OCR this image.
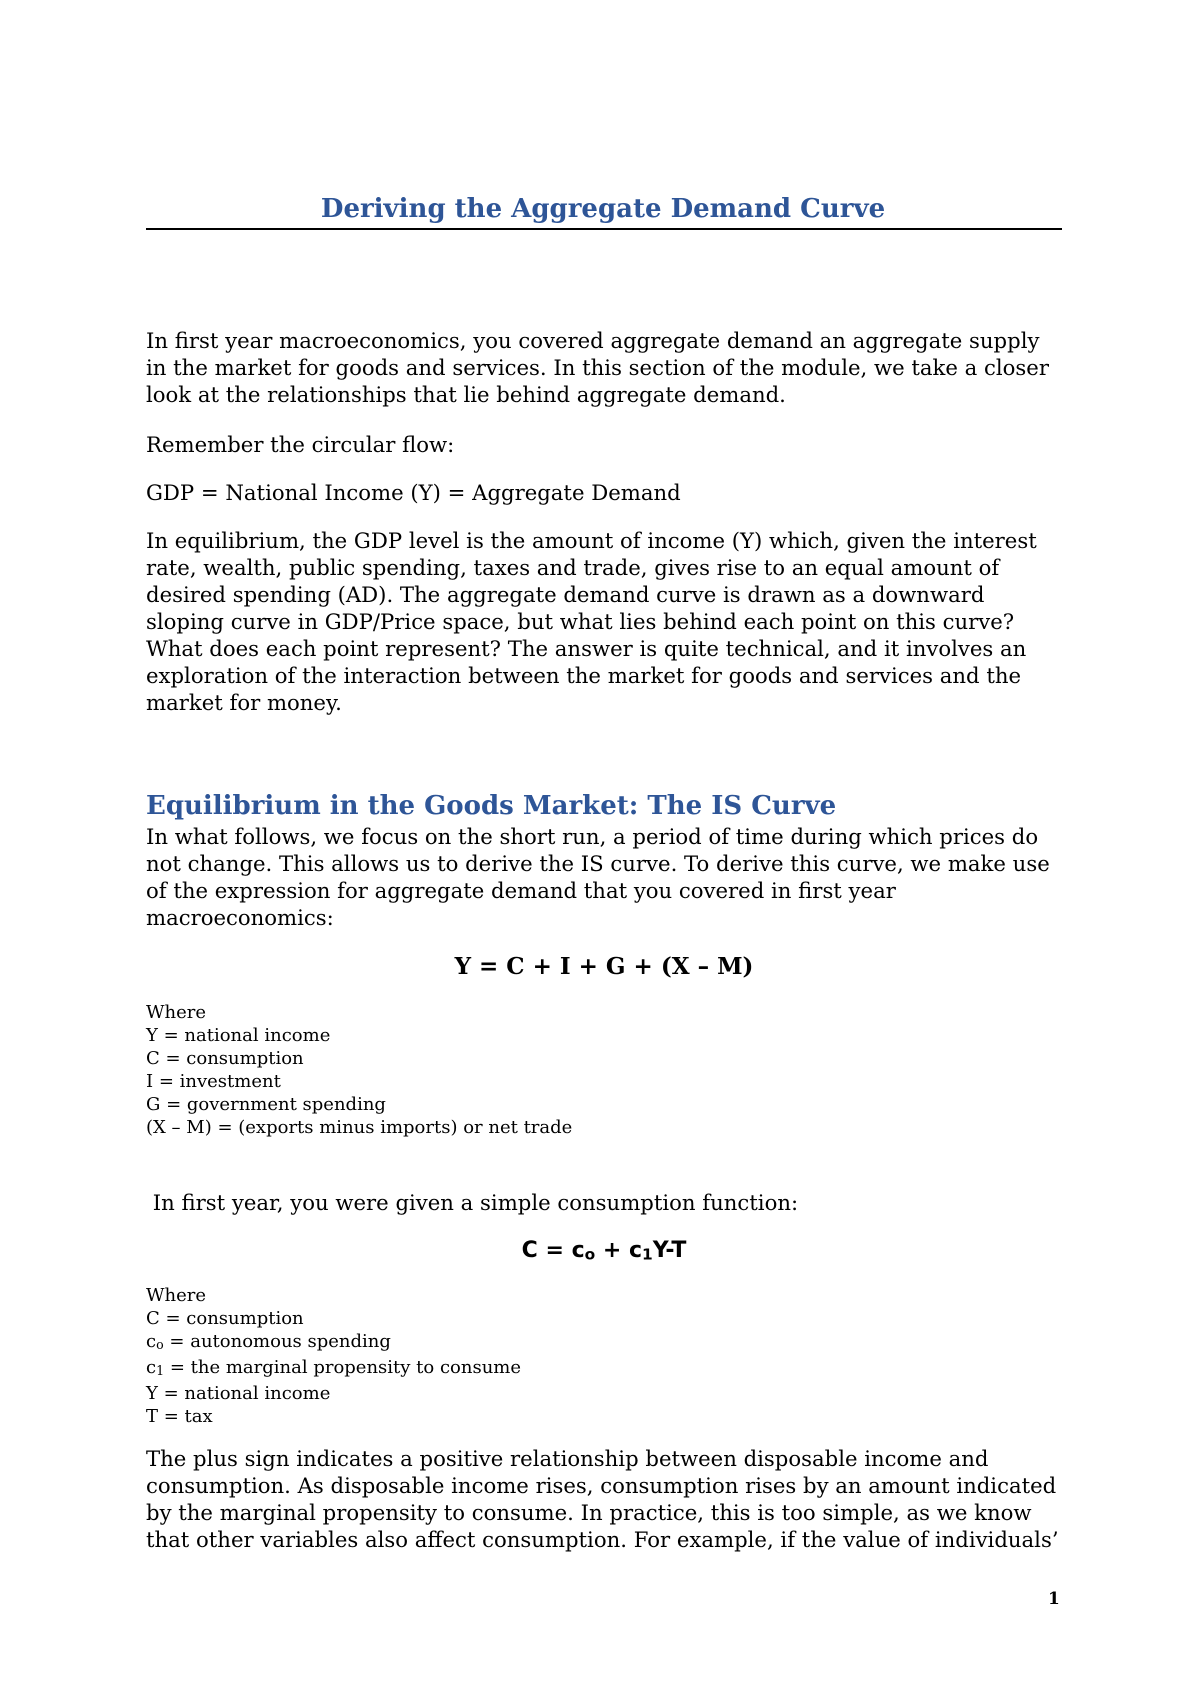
Deriving the Aggregate Demand Curve

In first year macroeconomics, you covered aggregate demand an aggregate supply in the market for goods and services. In this section of the module, we take a closer look at the relationships that lie behind aggregate demand.

Remember the circular flow:

GDP = National Income (Y) = Aggregate Demand

In equilibrium, the GDP level is the amount of income (Y) which, given the interest rate, wealth, public spending, taxes and trade, gives rise to an equal amount of desired spending (AD). The aggregate demand curve is drawn as a downward sloping curve in GDP/Price space, but what lies behind each point on this curve? What does each point represent? The answer is quite technical, and it involves an exploration of the interaction between the market for goods and services and the market for money.

Equilibrium in the Goods Market: The IS Curve

In what follows, we focus on the short run, a period of time during which prices do not change. This allows us to derive the IS curve. To derive this curve, we make use of the expression for aggregate demand that you covered in first year macroeconomics:

Y = C + I + G + (X – M)
Where
Y = national income
C = consumption
I = investment
G = government spending
(X – M) = (exports minus imports) or net trade

In first year, you were given a simple consumption function:

C = co + c1Y-T
Where
C = consumption
co = autonomous spending
c1 = the marginal propensity to consume
Y = national income
T = tax

The plus sign indicates a positive relationship between disposable income and consumption. As disposable income rises, consumption rises by an amount indicated by the marginal propensity to consume. In practice, this is too simple, as we know that other variables also affect consumption. For example, if the value of individuals’

1
